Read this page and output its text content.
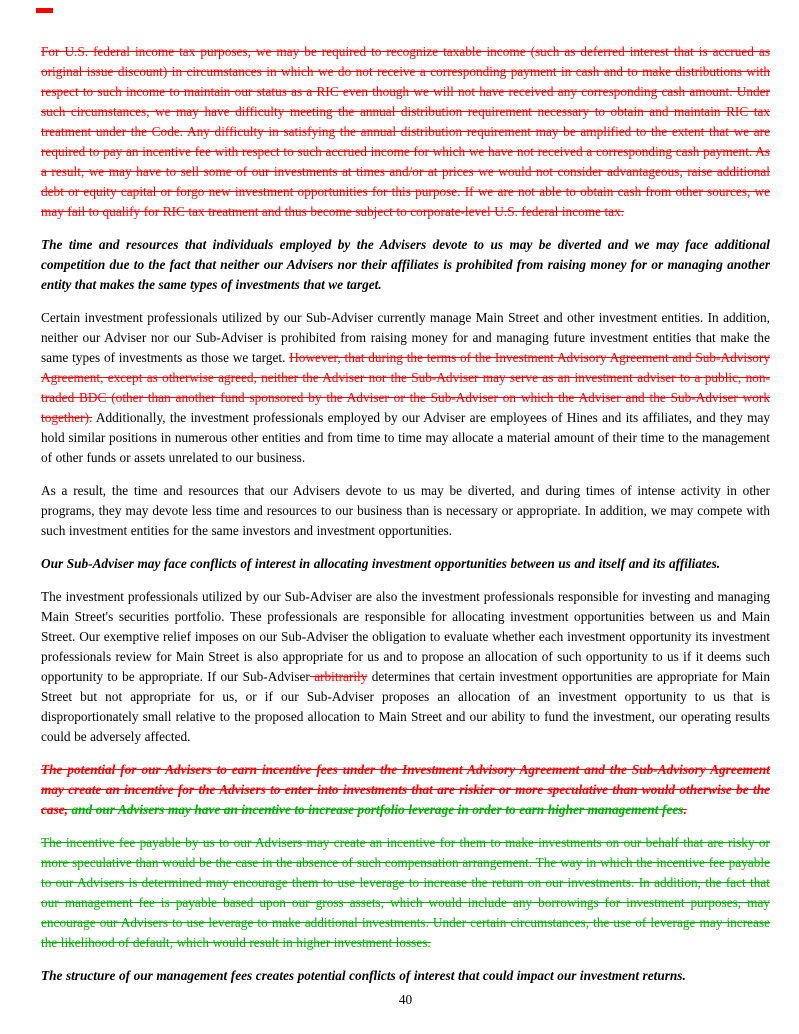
For U.S. federal income tax purposes, we may be required to recognize taxable income (such as deferred interest that is accrued as original issue discount) in circumstances in which we do not receive a corresponding payment in cash and to make distributions with respect to such income to maintain our status as a RIC even though we will not have received any corresponding cash amount. Under such circumstances, we may have difficulty meeting the annual distribution requirement necessary to obtain and maintain RIC tax treatment under the Code. Any difficulty in satisfying the annual distribution requirement may be amplified to the extent that we are required to pay an incentive fee with respect to such accrued income for which we have not received a corresponding cash payment. As a result, we may have to sell some of our investments at times and/or at prices we would not consider advantageous, raise additional debt or equity capital or forgo new investment opportunities for this purpose. If we are not able to obtain cash from other sources, we may fail to qualify for RIC tax treatment and thus become subject to corporate-level U.S. federal income tax.

The time and resources that individuals employed by the Advisers devote to us may be diverted and we may face additional competition due to the fact that neither our Advisers nor their affiliates is prohibited from raising money for or managing another entity that makes the same types of investments that we target.

Certain investment professionals utilized by our Sub-Adviser currently manage Main Street and other investment entities. In addition, neither our Adviser nor our Sub-Adviser is prohibited from raising money for and managing future investment entities that make the same types of investments as those we target. However, that during the terms of the Investment Advisory Agreement and Sub-Advisory Agreement, except as otherwise agreed, neither the Adviser nor the Sub-Adviser may serve as an investment adviser to a public, non-traded BDC (other than another fund sponsored by the Adviser or the Sub-Adviser on which the Adviser and the Sub-Adviser work together). Additionally, the investment professionals employed by our Adviser are employees of Hines and its affiliates, and they may hold similar positions in numerous other entities and from time to time may allocate a material amount of their time to the management of other funds or assets unrelated to our business.

As a result, the time and resources that our Advisers devote to us may be diverted, and during times of intense activity in other programs, they may devote less time and resources to our business than is necessary or appropriate. In addition, we may compete with such investment entities for the same investors and investment opportunities.

Our Sub-Adviser may face conflicts of interest in allocating investment opportunities between us and itself and its affiliates.

The investment professionals utilized by our Sub-Adviser are also the investment professionals responsible for investing and managing Main Street's securities portfolio. These professionals are responsible for allocating investment opportunities between us and Main Street. Our exemptive relief imposes on our Sub-Adviser the obligation to evaluate whether each investment opportunity its investment professionals review for Main Street is also appropriate for us and to propose an allocation of such opportunity to us if it deems such opportunity to be appropriate. If our Sub-Adviser arbitrarily determines that certain investment opportunities are appropriate for Main Street but not appropriate for us, or if our Sub-Adviser proposes an allocation of an investment opportunity to us that is disproportionately small relative to the proposed allocation to Main Street and our ability to fund the investment, our operating results could be adversely affected.

The potential for our Advisers to earn incentive fees under the Investment Advisory Agreement and the Sub-Advisory Agreement may create an incentive for the Advisers to enter into investments that are riskier or more speculative than would otherwise be the case, and our Advisers may have an incentive to increase portfolio leverage in order to earn higher management fees.

The incentive fee payable by us to our Advisers may create an incentive for them to make investments on our behalf that are risky or more speculative than would be the case in the absence of such compensation arrangement. The way in which the incentive fee payable to our Advisers is determined may encourage them to use leverage to increase the return on our investments. In addition, the fact that our management fee is payable based upon our gross assets, which would include any borrowings for investment purposes, may encourage our Advisers to use leverage to make additional investments. Under certain circumstances, the use of leverage may increase the likelihood of default, which would result in higher investment losses.

The structure of our management fees creates potential conflicts of interest that could impact our investment returns.

40
